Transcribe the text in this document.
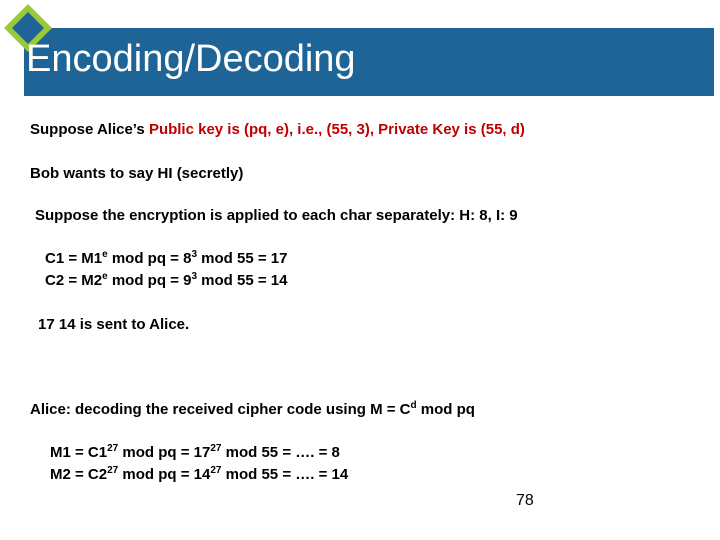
Encoding/Decoding
Suppose Alice’s Public key is (pq, e), i.e., (55, 3), Private Key is (55, d)
Bob wants to say HI (secretly)
Suppose the encryption is applied to each char separately: H: 8, I: 9
$C1 = M1^e$ mod pq = $8^3$ mod 55 = 17
$C2 = M2^e$ mod pq = $9^3$ mod 55 = 14
17 14 is sent to Alice.
Alice: decoding the received cipher code using $M = C^d$ mod pq
$M1 = C1^{27}$ mod pq = $17^{27}$ mod 55 = …. = 8
$M2 = C2^{27}$ mod pq = $14^{27}$ mod 55 = …. = 14
78
